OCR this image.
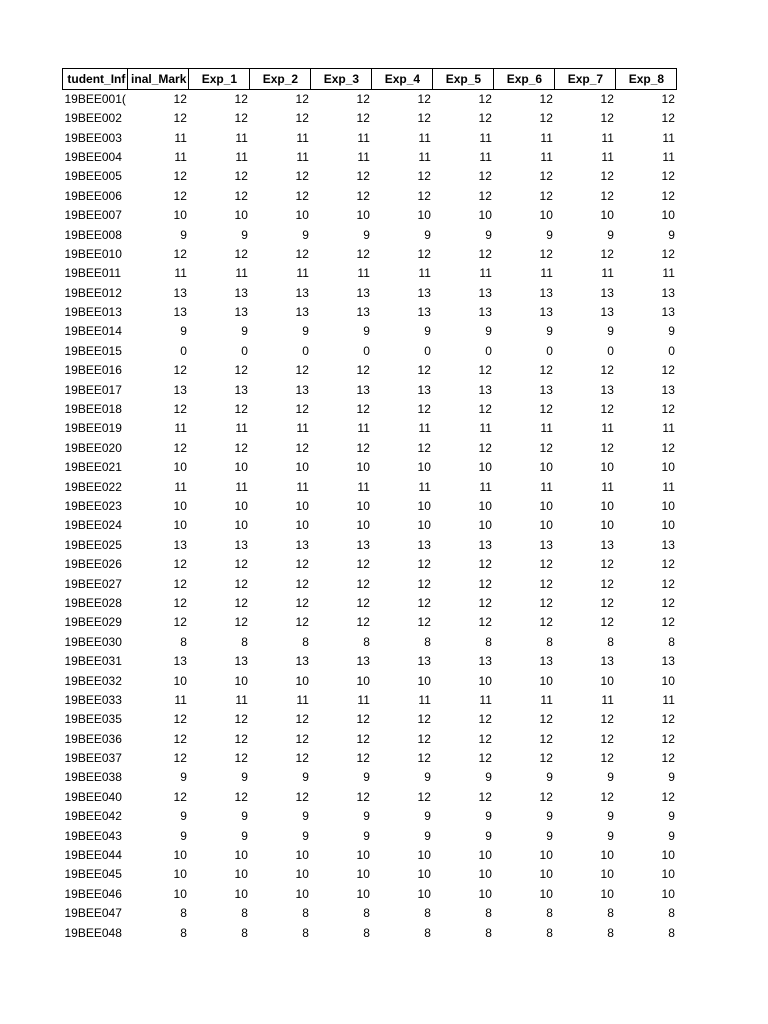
tudent_Inf	inal_Mark	Exp_1	Exp_2	Exp_3	Exp_4	Exp_5	Exp_6	Exp_7	Exp_8
19BEE001(	12	12	12	12	12	12	12	12	12
19BEE002	12	12	12	12	12	12	12	12	12
19BEE003	11	11	11	11	11	11	11	11	11
19BEE004	11	11	11	11	11	11	11	11	11
19BEE005	12	12	12	12	12	12	12	12	12
19BEE006	12	12	12	12	12	12	12	12	12
19BEE007	10	10	10	10	10	10	10	10	10
19BEE008	9	9	9	9	9	9	9	9	9
19BEE010	12	12	12	12	12	12	12	12	12
19BEE011	11	11	11	11	11	11	11	11	11
19BEE012	13	13	13	13	13	13	13	13	13
19BEE013	13	13	13	13	13	13	13	13	13
19BEE014	9	9	9	9	9	9	9	9	9
19BEE015	0	0	0	0	0	0	0	0	0
19BEE016	12	12	12	12	12	12	12	12	12
19BEE017	13	13	13	13	13	13	13	13	13
19BEE018	12	12	12	12	12	12	12	12	12
19BEE019	11	11	11	11	11	11	11	11	11
19BEE020	12	12	12	12	12	12	12	12	12
19BEE021	10	10	10	10	10	10	10	10	10
19BEE022	11	11	11	11	11	11	11	11	11
19BEE023	10	10	10	10	10	10	10	10	10
19BEE024	10	10	10	10	10	10	10	10	10
19BEE025	13	13	13	13	13	13	13	13	13
19BEE026	12	12	12	12	12	12	12	12	12
19BEE027	12	12	12	12	12	12	12	12	12
19BEE028	12	12	12	12	12	12	12	12	12
19BEE029	12	12	12	12	12	12	12	12	12
19BEE030	8	8	8	8	8	8	8	8	8
19BEE031	13	13	13	13	13	13	13	13	13
19BEE032	10	10	10	10	10	10	10	10	10
19BEE033	11	11	11	11	11	11	11	11	11
19BEE035	12	12	12	12	12	12	12	12	12
19BEE036	12	12	12	12	12	12	12	12	12
19BEE037	12	12	12	12	12	12	12	12	12
19BEE038	9	9	9	9	9	9	9	9	9
19BEE040	12	12	12	12	12	12	12	12	12
19BEE042	9	9	9	9	9	9	9	9	9
19BEE043	9	9	9	9	9	9	9	9	9
19BEE044	10	10	10	10	10	10	10	10	10
19BEE045	10	10	10	10	10	10	10	10	10
19BEE046	10	10	10	10	10	10	10	10	10
19BEE047	8	8	8	8	8	8	8	8	8
19BEE048	8	8	8	8	8	8	8	8	8
